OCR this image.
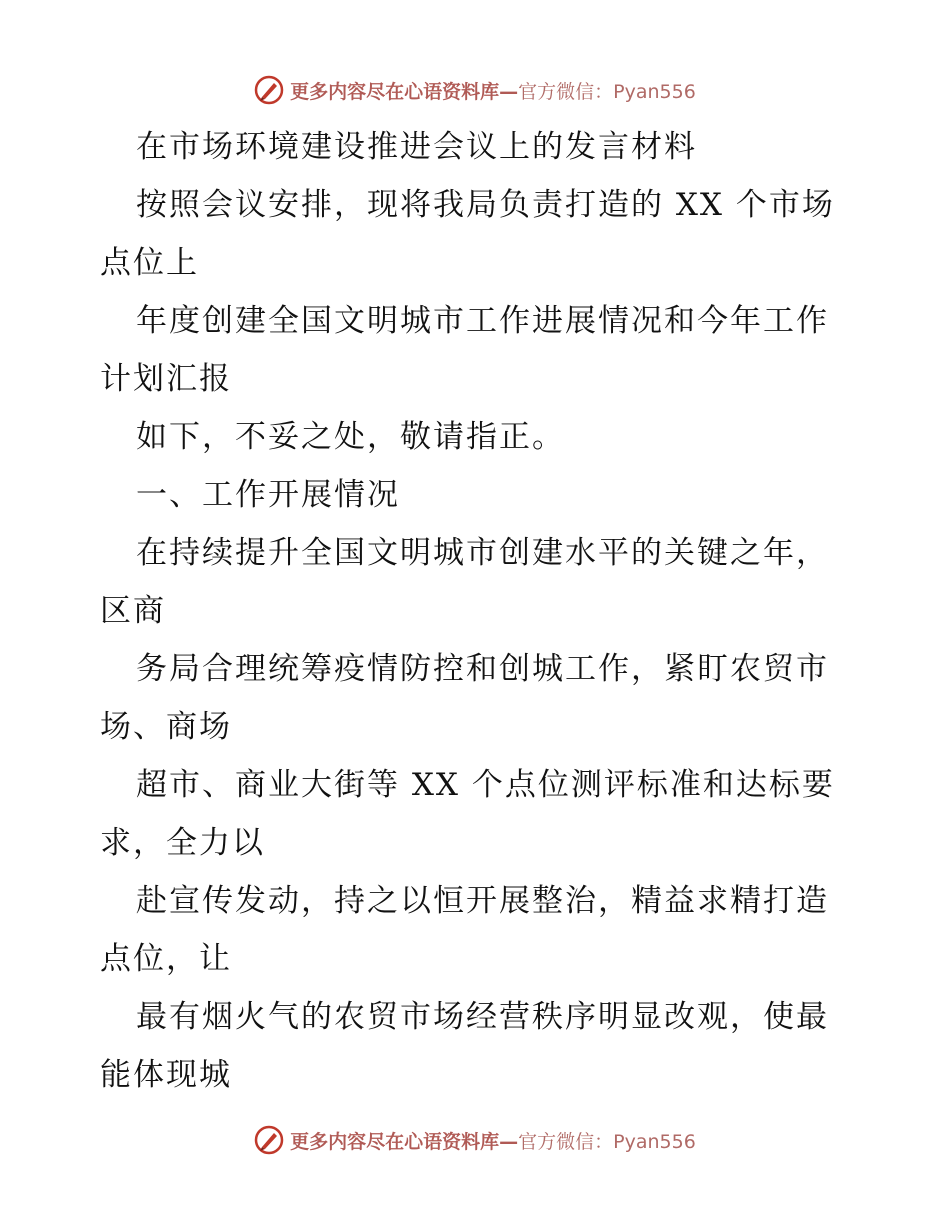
更多内容尽在心语资料库—官方微信：Pyan556
在市场环境建设推进会议上的发言材料
按照会议安排，现将我局负责打造的 XX 个市场
点位上
年度创建全国文明城市工作进展情况和今年工作
计划汇报
如下，不妥之处，敬请指正。
一、工作开展情况
在持续提升全国文明城市创建水平的关键之年，
区商
务局合理统筹疫情防控和创城工作，紧盯农贸市
场、商场
超市、商业大街等 XX 个点位测评标准和达标要
求，全力以
赴宣传发动，持之以恒开展整治，精益求精打造
点位，让
最有烟火气的农贸市场经营秩序明显改观，使最
能体现城
更多内容尽在心语资料库—官方微信：Pyan556
